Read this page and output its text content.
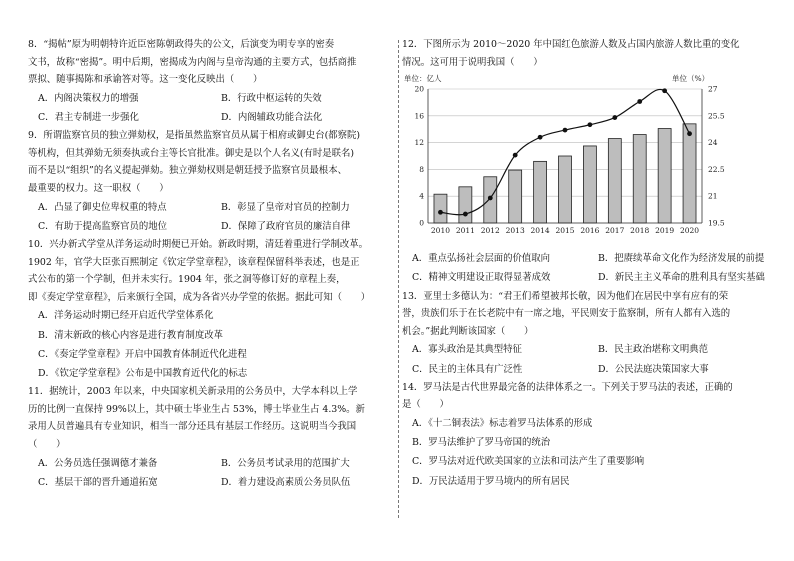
8．“揭帖”原为明朝特许近臣密陈朝政得失的公文，后演变为明专享的密奏

文书，故称“密揭”。明中后期，密揭成为内阁与皇帝沟通的主要方式，包括商推

票拟、随事揭陈和承谕答对等。这一变化反映出（　　）

A．内阁决策权力的增强	B．行政中枢运转的失效
C．君主专制进一步强化	D．内阁辅政功能合法化

9．所谓监察官员的独立弹劾权，是指虽然监察官员从属于相府或御史台(都察院)

等机构，但其弹劾无须奏执或台主等长官批准。御史是以个人名义(有时是联名)

而不是以“组织”的名义提起弹劾。独立弹劾权则是朝廷授予监察官员最根本、

最重要的权力。这一职权（　　）

A．凸显了御史位卑权重的特点	B．彰显了皇帝对官员的控制力
C．有助于提高监察官员的地位	D．保障了政府官员的廉洁自律

10．兴办新式学堂从洋务运动时期便已开始。新政时期，清廷着重进行学制改革。

1902 年，官学大臣张百熙制定《钦定学堂章程》，该章程保留科举表述，也是正

式公布的第一个学制，但并未实行。1904 年，张之洞等修订好的章程上奏，

即《奏定学堂章程》，后来颁行全国，成为各省兴办学堂的依据。据此可知（　　）

A．洋务运动时期已经开启近代学堂体系化
B．清末新政的核心内容是进行教育制度改革
C．《奏定学堂章程》开启中国教育体制近代化进程
D．《钦定学堂章程》公布是中国教育近代化的标志

11．据统计，2003 年以来，中央国家机关新录用的公务员中，大学本科以上学

历的比例一直保持 99%以上，其中硕士毕业生占 53%，博士毕业生占 4.3%。新

录用人员普遍具有专业知识，相当一部分还具有基层工作经历。这说明当今我国

（　　）

A．公务员选任强调德才兼备	B．公务员考试录用的范围扩大
C．基层干部的晋升通道拓宽	D．着力建设高素质公务员队伍

12．下图所示为 2010～2020 年中国红色旅游人数及占国内旅游人数比重的变化

情况。这可用于说明我国（　　）

0
4
8
12
16
20
19.5
21
22.5
24
25.5
27
2010 2011 2012 2013 2014 2015 2016 2017 2018 2019 2020
单位：亿人	单位（%）
A．重点弘扬社会层面的价值取向	B．把赓续革命文化作为经济发展的前提
C．精神文明建设正取得显著成效	D．新民主主义革命的胜利具有坚实基础

13．亚里士多德认为：“君王们希望被邦长敬，因为他们在居民中享有应有的荣

誉，贵族们乐于在长老院中有一席之地，平民则安于监察制，所有人都有入选的

机会。”据此判断该国家（　　）

A．寡头政治是其典型特征	B．民主政治堪称文明典范
C．民主的主体具有广泛性	D．公民法庭决策国家大事

14．罗马法是古代世界最完备的法律体系之一。下列关于罗马法的表述，正确的

是（　　）

A．《十二铜表法》标志着罗马法体系的形成
B．罗马法维护了罗马帝国的统治
C．罗马法对近代欧美国家的立法和司法产生了重要影响
D．万民法适用于罗马境内的所有居民
